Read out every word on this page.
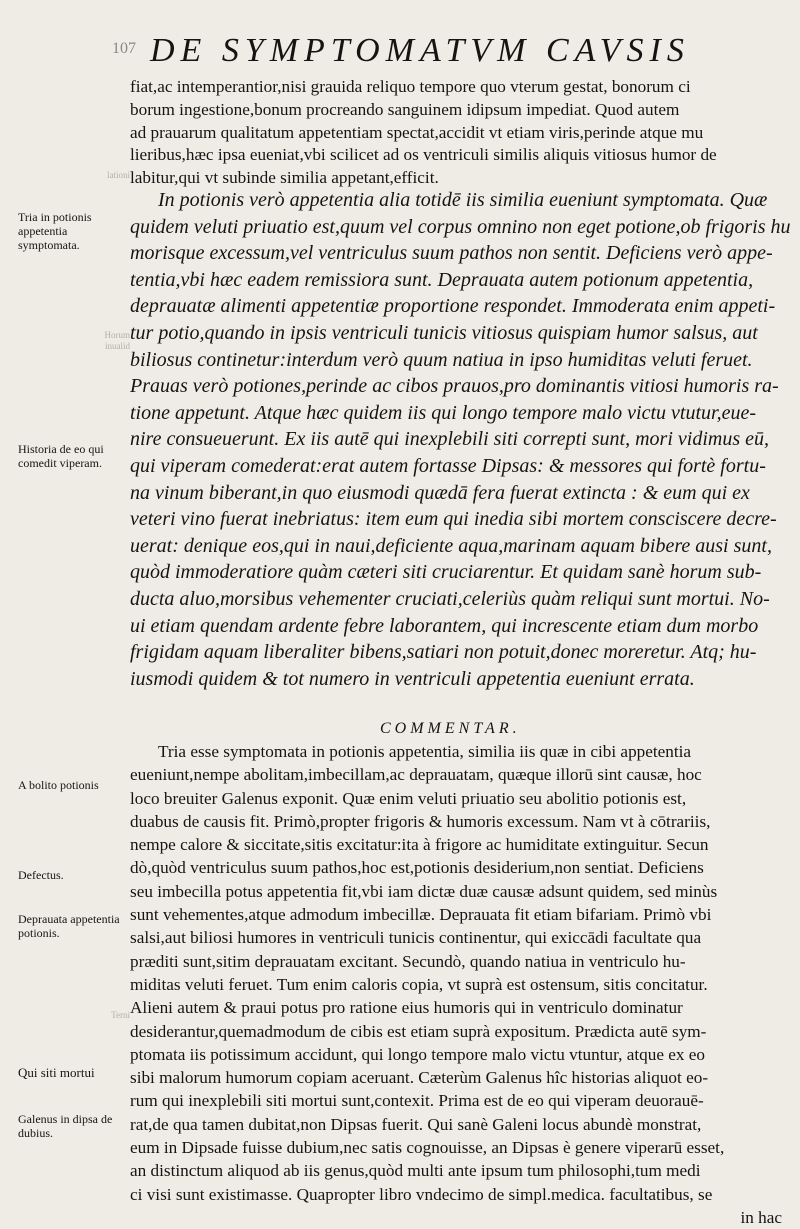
107 DE SYMPTOMATVM CAVSIS
lationi
Horum inualid
Terni
Tria in potionis appetentia symptomata.
Historia de eo qui comedit viperam.
A bolito potionis
Defectus.
Deprauata appetentia potionis.
Qui siti mortui
Galenus in dipsa de dubius.
fiat,ac intemperantior,nisi grauida reliquo tempore quo vterum gestat, bonorum ci
borum ingestione,bonum procreando sanguinem idipsum impediat. Quod autem
ad prauarum qualitatum appetentiam spectat,accidit vt etiam viris,perinde atque mu
lieribus,hæc ipsa eueniat,vbi scilicet ad os ventriculi similis aliquis vitiosus humor de
labitur,qui vt subinde similia appetant,efficit.
In potionis verò appetentia alia totidē iis similia eueniunt symptomata. Quæ
quidem veluti priuatio est,quum vel corpus omnino non eget potione,ob frigoris hu
morisque excessum,vel ventriculus suum pathos non sentit. Deficiens verò appe-
tentia,vbi hæc eadem remissiora sunt. Deprauata autem potionum appetentia,
deprauatæ alimenti appetentiæ proportione respondet. Immoderata enim appeti-
tur potio,quando in ipsis ventriculi tunicis vitiosus quispiam humor salsus, aut
biliosus continetur:interdum verò quum natiua in ipso humiditas veluti feruet.
Prauas verò potiones,perinde ac cibos prauos,pro dominantis vitiosi humoris ra-
tione appetunt. Atque hæc quidem iis qui longo tempore malo victu vtutur,eue-
nire consueuerunt. Ex iis autē qui inexplebili siti correpti sunt, mori vidimus eū,
qui viperam comederat:erat autem fortasse Dipsas: & messores qui fortè fortu-
na vinum biberant,in quo eiusmodi quædā fera fuerat extincta : & eum qui ex
veteri vino fuerat inebriatus: item eum qui inedia sibi mortem consciscere decre-
uerat: denique eos,qui in naui,deficiente aqua,marinam aquam bibere ausi sunt,
quòd immoderatiore quàm cæteri siti cruciarentur. Et quidam sanè horum sub-
ducta aluo,morsibus vehementer cruciati,celeriùs quàm reliqui sunt mortui. No-
ui etiam quendam ardente febre laborantem, qui increscente etiam dum morbo
frigidam aquam liberaliter bibens,satiari non potuit,donec moreretur. Atq; hu-
iusmodi quidem & tot numero in ventriculi appetentia eueniunt errata.
COMMENTAR.
Tria esse symptomata in potionis appetentia, similia iis quæ in cibi appetentia
eueniunt,nempe abolitam,imbecillam,ac deprauatam, quæque illorū sint causæ, hoc
loco breuiter Galenus exponit. Quæ enim veluti priuatio seu abolitio potionis est,
duabus de causis fit. Primò,propter frigoris & humoris excessum. Nam vt à cōtrariis,
nempe calore & siccitate,sitis excitatur:ita à frigore ac humiditate extinguitur. Secun
dò,quòd ventriculus suum pathos,hoc est,potionis desiderium,non sentiat. Deficiens
seu imbecilla potus appetentia fit,vbi iam dictæ duæ causæ adsunt quidem, sed minùs
sunt vehementes,atque admodum imbecillæ. Deprauata fit etiam bifariam. Primò vbi
salsi,aut biliosi humores in ventriculi tunicis continentur, qui exiccādi facultate qua
præditi sunt,sitim deprauatam excitant. Secundò, quando natiua in ventriculo hu-
miditas veluti feruet. Tum enim caloris copia, vt suprà est ostensum, sitis concitatur.
Alieni autem & praui potus pro ratione eius humoris qui in ventriculo dominatur
desiderantur,quemadmodum de cibis est etiam suprà expositum. Prædicta autē sym-
ptomata iis potissimum accidunt, qui longo tempore malo victu vtuntur, atque ex eo
sibi malorum humorum copiam aceruant. Cæterùm Galenus hîc historias aliquot eo-
rum qui inexplebili siti mortui sunt,contexit. Prima est de eo qui viperam deuorauē-
rat,de qua tamen dubitat,non Dipsas fuerit. Qui sanè Galeni locus abundè monstrat,
eum in Dipsade fuisse dubium,nec satis cognouisse, an Dipsas è genere viperarū esset,
an distinctum aliquod ab iis genus,quòd multi ante ipsum tum philosophi,tum medi
ci visi sunt existimasse. Quapropter libro vndecimo de simpl.medica. facultatibus, se
in hac
